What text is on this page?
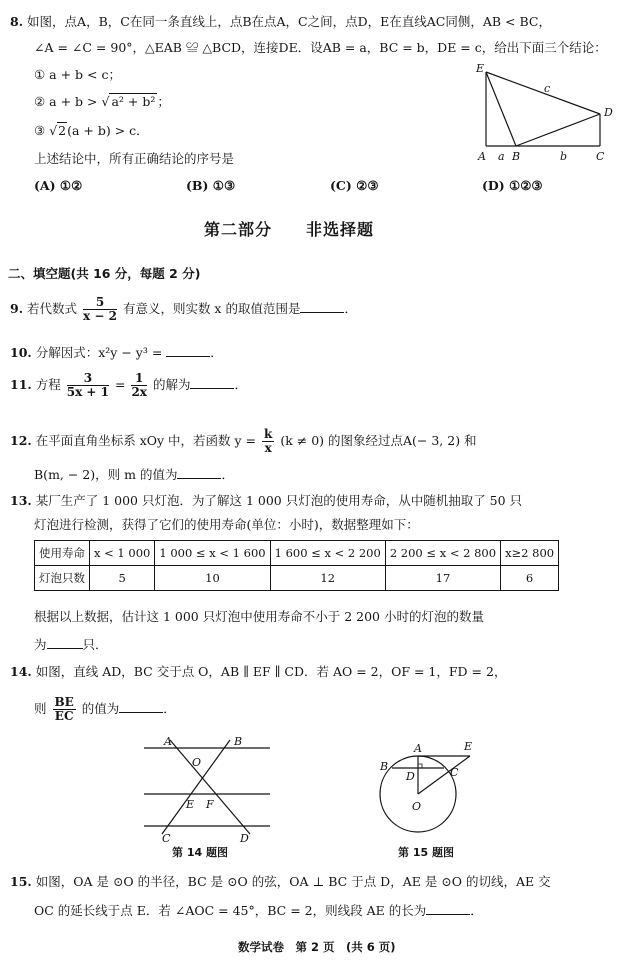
8. 如图，点A，B，C在同一条直线上，点B在点A，C之间，点D，E在直线AC同侧，AB < BC，
∠A = ∠C = 90°，△EAB ≌ △BCD，连接DE．设AB = a，BC = b，DE = c，给出下面三个结论：
① a + b < c；
② a + b > √ a² + b² ；
③ √2(a + b) > c．
上述结论中，所有正确结论的序号是
(A) ①②	(B) ①③	(C) ②③	(D) ①②③
E
c
D
A a B	b	C
第二部分　　非选择题
二、填空题(共 16 分，每题 2 分)
9. 若代数式 $\frac{5}{x - 2}$ 有意义，则实数 x 的取值范围是	．
10. 分解因式：x²y − y³ =	．
11. 方程 $\frac{3}{5x + 1} = \frac{1}{2x}$ 的解为	．
12. 在平面直角坐标系 xOy 中，若函数 $y = \frac{k}{x} (k \ne 0)$ 的图象经过点A(− 3, 2) 和
B(m, − 2)，则 m 的值为	．
13. 某厂生产了 1 000 只灯泡．为了解这 1 000 只灯泡的使用寿命，从中随机抽取了 50 只
灯泡进行检测，获得了它们的使用寿命(单位：小时)，数据整理如下：
使用寿命	x < 1 000	1 000 ≤ x < 1 600	1 600 ≤ x < 2 200	2 200 ≤ x < 2 800	x≥2 800
灯泡只数	5	10	12	17	6
根据以上数据，估计这 1 000 只灯泡中使用寿命不小于 2 200 小时的灯泡的数量
为	只．
14. 如图，直线 AD，BC 交于点 O，AB ∥ EF ∥ CD．若 AO = 2，OF = 1，FD = 2，
则 $\frac{BE}{EC}$ 的值为	．
A	B
O
E F
C	D
第 14 题图
A	E
B
D	C
O
第 15 题图
15. 如图，OA 是 ⊙O 的半径，BC 是 ⊙O 的弦，OA ⊥ BC 于点 D，AE 是 ⊙O 的切线，AE 交
OC 的延长线于点 E．若 ∠AOC = 45°，BC = 2，则线段 AE 的长为	．
数学试卷　第 2 页　(共 6 页)
